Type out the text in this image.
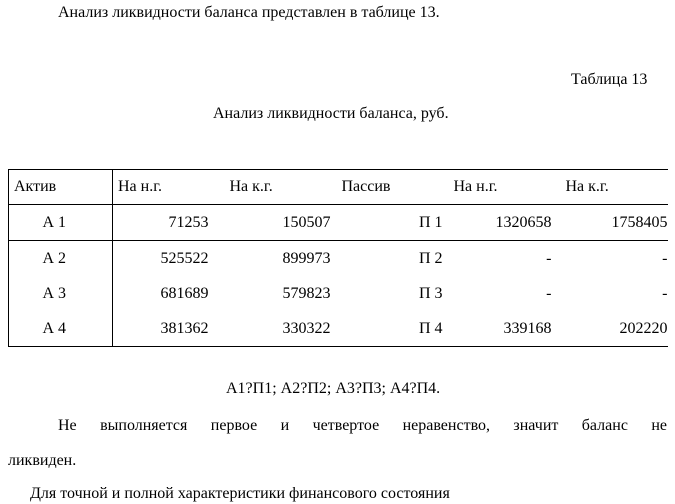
Анализ ликвидности баланса представлен в таблице 13.
Таблица 13
Анализ ликвидности баланса, руб.
Актив	На н.г.	На к.г.	Пассив	На н.г.	На к.г.
А 1	71253	150507	П 1	1320658	1758405
А 2	525522	899973	П 2	-	-
А 3	681689	579823	П 3	-	-
А 4	381362	330322	П 4	339168	202220
А1?П1; А2?П2; А3?П3; А4?П4.
Не выполняется первое и четвертое неравенство, значит баланс не
ликвиден.
Для точной и полной характеристики финансового состояния
